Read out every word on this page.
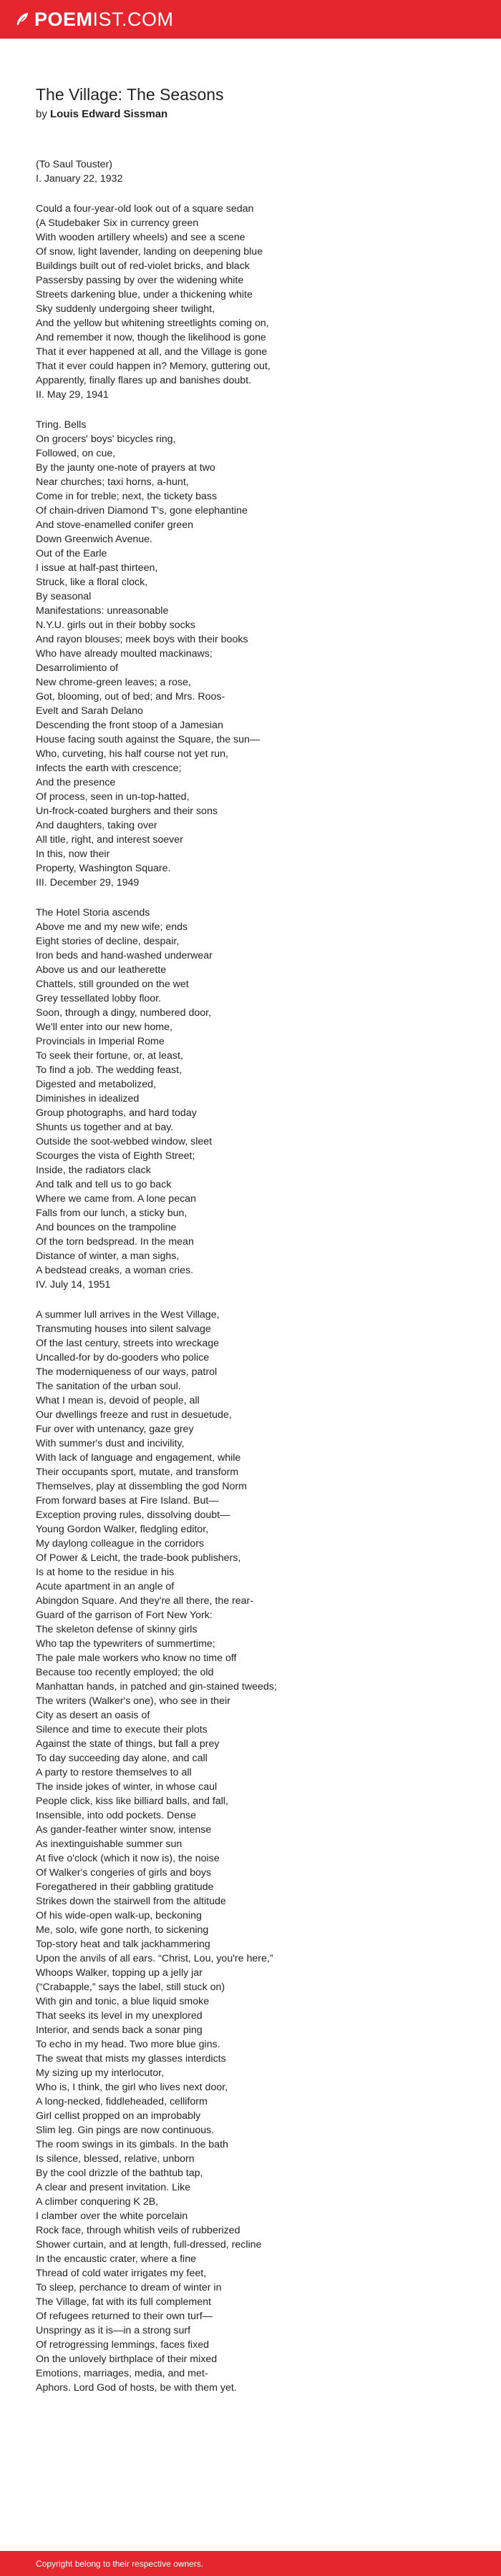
POEMIST.COM
The Village: The Seasons
by Louis Edward Sissman
(To Saul Touster)
I. January 22, 1932
Could a four-year-old look out of a square sedan
(A Studebaker Six in currency green
With wooden artillery wheels) and see a scene
Of snow, light lavender, landing on deepening blue
Buildings built out of red-violet bricks, and black
Passersby passing by over the widening white
Streets darkening blue, under a thickening white
Sky suddenly undergoing sheer twilight,
And the yellow but whitening streetlights coming on,
And remember it now, though the likelihood is gone
That it ever happened at all, and the Village is gone
That it ever could happen in? Memory, guttering out,
Apparently, finally flares up and banishes doubt.
II. May 29, 1941
Tring. Bells
On grocers' boys' bicycles ring,
Followed, on cue,
By the jaunty one-note of prayers at two
Near churches; taxi horns, a-hunt,
Come in for treble; next, the tickety bass
Of chain-driven Diamond T's, gone elephantine
And stove-enamelled conifer green
Down Greenwich Avenue.
Out of the Earle
I issue at half-past thirteen,
Struck, like a floral clock,
By seasonal
Manifestations: unreasonable
N.Y.U. girls out in their bobby socks
And rayon blouses; meek boys with their books
Who have already moulted mackinaws;
Desarrolimiento of
New chrome-green leaves; a rose,
Got, blooming, out of bed; and Mrs. Roos-
Evelt and Sarah Delano
Descending the front stoop of a Jamesian
House facing south against the Square, the sun—
Who, curveting, his half course not yet run,
Infects the earth with crescence;
And the presence
Of process, seen in un-top-hatted,
Un-frock-coated burghers and their sons
And daughters, taking over
All title, right, and interest soever
In this, now their
Property, Washington Square.
III. December 29, 1949
The Hotel Storia ascends
Above me and my new wife; ends
Eight stories of decline, despair,
Iron beds and hand-washed underwear
Above us and our leatherette
Chattels, still grounded on the wet
Grey tessellated lobby floor.
Soon, through a dingy, numbered door,
We'll enter into our new home,
Provincials in Imperial Rome
To seek their fortune, or, at least,
To find a job. The wedding feast,
Digested and metabolized,
Diminishes in idealized
Group photographs, and hard today
Shunts us together and at bay.
Outside the soot-webbed window, sleet
Scourges the vista of Eighth Street;
Inside, the radiators clack
And talk and tell us to go back
Where we came from. A lone pecan
Falls from our lunch, a sticky bun,
And bounces on the trampoline
Of the torn bedspread. In the mean
Distance of winter, a man sighs,
A bedstead creaks, a woman cries.
IV. July 14, 1951
A summer lull arrives in the West Village,
Transmuting houses into silent salvage
Of the last century, streets into wreckage
Uncalled-for by do-gooders who police
The moderniqueness of our ways, patrol
The sanitation of the urban soul.
What I mean is, devoid of people, all
Our dwellings freeze and rust in desuetude,
Fur over with untenancy, gaze grey
With summer's dust and incivility,
With lack of language and engagement, while
Their occupants sport, mutate, and transform
Themselves, play at dissembling the god Norm
From forward bases at Fire Island. But—
Exception proving rules, dissolving doubt—
Young Gordon Walker, fledgling editor,
My daylong colleague in the corridors
Of Power & Leicht, the trade-book publishers,
Is at home to the residue in his
Acute apartment in an angle of
Abingdon Square. And they're all there, the rear-
Guard of the garrison of Fort New York:
The skeleton defense of skinny girls
Who tap the typewriters of summertime;
The pale male workers who know no time off
Because too recently employed; the old
Manhattan hands, in patched and gin-stained tweeds;
The writers (Walker's one), who see in their
City as desert an oasis of
Silence and time to execute their plots
Against the state of things, but fall a prey
To day succeeding day alone, and call
A party to restore themselves to all
The inside jokes of winter, in whose caul
People click, kiss like billiard balls, and fall,
Insensible, into odd pockets. Dense
As gander-feather winter snow, intense
As inextinguishable summer sun
At five o'clock (which it now is), the noise
Of Walker's congeries of girls and boys
Foregathered in their gabbling gratitude
Strikes down the stairwell from the altitude
Of his wide-open walk-up, beckoning
Me, solo, wife gone north, to sickening
Top-story heat and talk jackhammering
Upon the anvils of all ears. “Christ, Lou, you're here,”
Whoops Walker, topping up a jelly jar
(“Crabapple,” says the label, still stuck on)
With gin and tonic, a blue liquid smoke
That seeks its level in my unexplored
Interior, and sends back a sonar ping
To echo in my head. Two more blue gins.
The sweat that mists my glasses interdicts
My sizing up my interlocutor,
Who is, I think, the girl who lives next door,
A long-necked, fiddleheaded, celliform
Girl cellist propped on an improbably
Slim leg. Gin pings are now continuous.
The room swings in its gimbals. In the bath
Is silence, blessed, relative, unborn
By the cool drizzle of the bathtub tap,
A clear and present invitation. Like
A climber conquering K 2B,
I clamber over the white porcelain
Rock face, through whitish veils of rubberized
Shower curtain, and at length, full-dressed, recline
In the encaustic crater, where a fine
Thread of cold water irrigates my feet,
To sleep, perchance to dream of winter in
The Village, fat with its full complement
Of refugees returned to their own turf—
Unspringy as it is—in a strong surf
Of retrogressing lemmings, faces fixed
On the unlovely birthplace of their mixed
Emotions, marriages, media, and met-
Aphors. Lord God of hosts, be with them yet.
Copyright belong to their respective owners.
